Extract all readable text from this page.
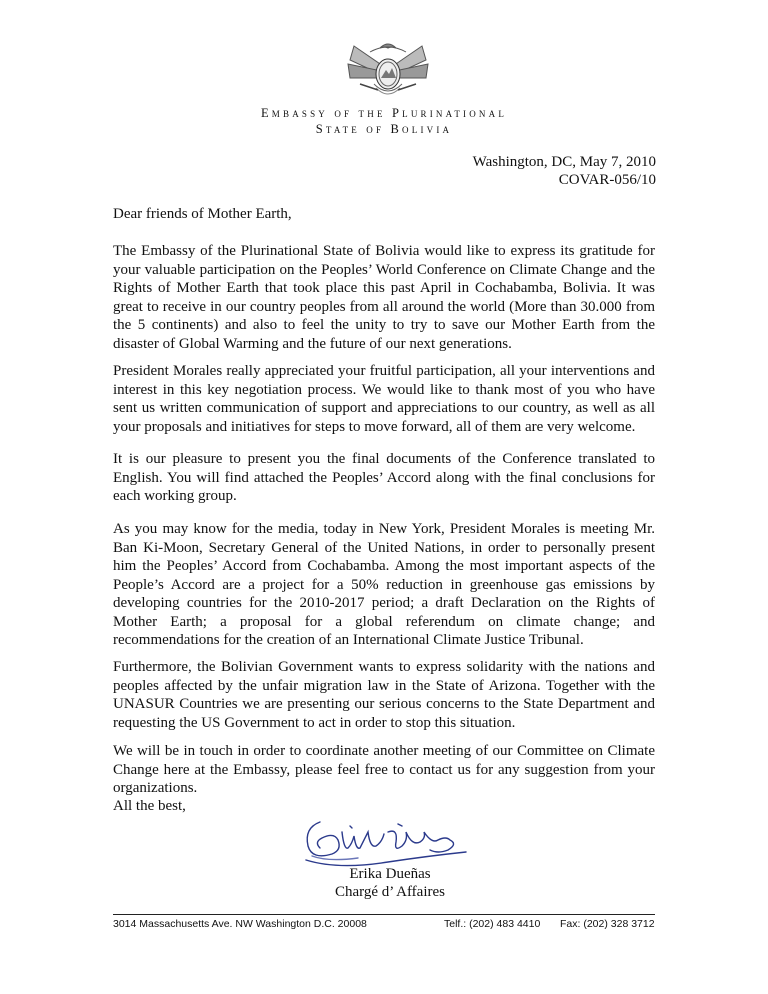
Embassy of the Plurinational
State of Bolivia
Washington, DC, May 7, 2010
COVAR-056/10
Dear friends of Mother Earth,

The Embassy of the Plurinational State of Bolivia would like to express its gratitude for your valuable participation on the Peoples’ World Conference on Climate Change and the Rights of Mother Earth that took place this past April in Cochabamba, Bolivia. It was great to receive in our country peoples from all around the world (More than 30.000 from the 5 continents) and also to feel the unity to try to save our Mother Earth from the disaster of Global Warming and the future of our next generations.

President Morales really appreciated your fruitful participation, all your interventions and interest in this key negotiation process. We would like to thank most of you who have sent us written communication of support and appreciations to our country, as well as all your proposals and initiatives for steps to move forward, all of them are very welcome.

It is our pleasure to present you the final documents of the Conference translated to English. You will find attached the Peoples’ Accord along with the final conclusions for each working group.

As you may know for the media, today in New York, President Morales is meeting Mr. Ban Ki-Moon, Secretary General of the United Nations, in order to personally present him the Peoples’ Accord from Cochabamba. Among the most important aspects of the People’s Accord are a project for a 50% reduction in greenhouse gas emissions by developing countries for the 2010-2017 period; a draft Declaration on the Rights of Mother Earth; a proposal for a global referendum on climate change; and recommendations for the creation of an International Climate Justice Tribunal.

Furthermore, the Bolivian Government wants to express solidarity with the nations and peoples affected by the unfair migration law in the State of Arizona. Together with the UNASUR Countries we are presenting our serious concerns to the State Department and requesting the US Government to act in order to stop this situation.

We will be in touch in order to coordinate another meeting of our Committee on Climate Change here at the Embassy, please feel free to contact us for any suggestion from your organizations.

All the best,
Erika Dueñas
Chargé d’ Affaires
3014 Massachusetts Ave. NW Washington D.C. 20008	Telf.: (202) 483 4410 Fax: (202) 328 3712
